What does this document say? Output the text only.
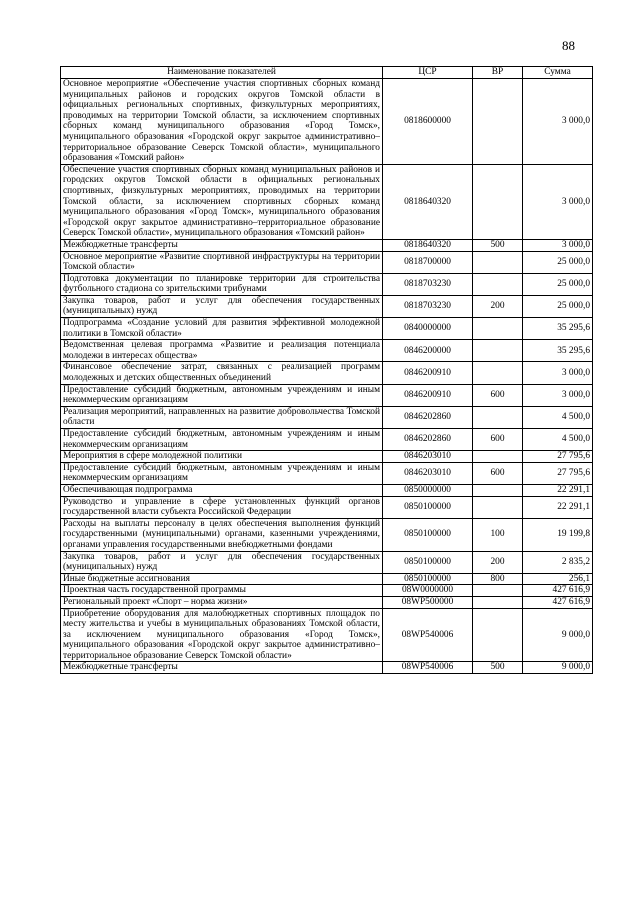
88
Наименование показателей	ЦСР	ВР	Сумма
Основное мероприятие «Обеспечение участия спортивных сборных команд муниципальных районов и городских округов Томской области в официальных региональных спортивных, физкультурных мероприятиях, проводимых на территории Томской области, за исключением спортивных сборных команд муниципального образования «Город Томск», муниципального образования «Городской округ закрытое административно–территориальное образование Северск Томской области», муниципального образования «Томский район»	0818600000		3 000,0
Обеспечение участия спортивных сборных команд муниципальных районов и городских округов Томской области в официальных региональных спортивных, физкультурных мероприятиях, проводимых на территории Томской области, за исключением спортивных сборных команд муниципального образования «Город Томск», муниципального образования «Городской округ закрытое административно–территориальное образование Северск Томской области», муниципального образования «Томский район»	0818640320		3 000,0
Межбюджетные трансферты	0818640320	500	3 000,0
Основное мероприятие «Развитие спортивной инфраструктуры на территории Томской области»	0818700000		25 000,0
Подготовка документации по планировке территории для строительства футбольного стадиона со зрительскими трибунами	0818703230		25 000,0
Закупка товаров, работ и услуг для обеспечения государственных (муниципальных) нужд	0818703230	200	25 000,0
Подпрограмма «Создание условий для развития эффективной молодежной политики в Томской области»	0840000000		35 295,6
Ведомственная целевая программа «Развитие и реализация потенциала молодежи в интересах общества»	0846200000		35 295,6
Финансовое обеспечение затрат, связанных с реализацией программ молодежных и детских общественных объединений	0846200910		3 000,0
Предоставление субсидий бюджетным, автономным учреждениям и иным некоммерческим организациям	0846200910	600	3 000,0
Реализация мероприятий, направленных на развитие добровольчества Томской области	0846202860		4 500,0
Предоставление субсидий бюджетным, автономным учреждениям и иным некоммерческим организациям	0846202860	600	4 500,0
Мероприятия в сфере молодежной политики	0846203010		27 795,6
Предоставление субсидий бюджетным, автономным учреждениям и иным некоммерческим организациям	0846203010	600	27 795,6
Обеспечивающая подпрограмма	0850000000		22 291,1
Руководство и управление в сфере установленных функций органов государственной власти субъекта Российской Федерации	0850100000		22 291,1
Расходы на выплаты персоналу в целях обеспечения выполнения функций государственными (муниципальными) органами, казенными учреждениями, органами управления государственными внебюджетными фондами	0850100000	100	19 199,8
Закупка товаров, работ и услуг для обеспечения государственных (муниципальных) нужд	0850100000	200	2 835,2
Иные бюджетные ассигнования	0850100000	800	256,1
Проектная часть государственной программы	08W0000000		427 616,9
Региональный проект «Спорт – норма жизни»	08WP500000		427 616,9
Приобретение оборудования для малобюджетных спортивных площадок по месту жительства и учебы в муниципальных образованиях Томской области, за исключением муниципального образования «Город Томск», муниципального образования «Городской округ закрытое административно–территориальное образование Северск Томской области»	08WP540006		9 000,0
Межбюджетные трансферты	08WP540006	500	9 000,0
